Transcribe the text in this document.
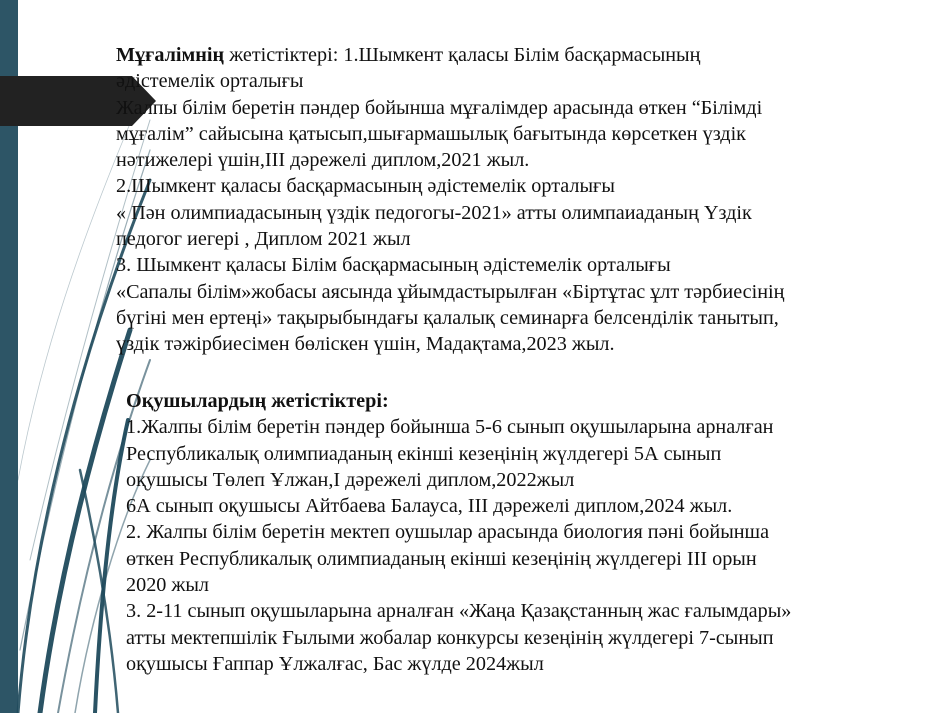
Мұғалімнің жетістіктері: 1.Шымкент қаласы Білім басқармасының
әдістемелік орталығы
Жалпы білім беретін пәндер бойынша мұғалімдер арасында өткен “Білімді
мұғалім” сайысына қатысып,шығармашылық бағытында көрсеткен үздік
нәтижелері үшін,III дәрежелі диплом,2021 жыл.
2.Шымкент қаласы басқармасының әдістемелік орталығы
« Пән олимпиадасының үздік педогогы-2021» атты олимпаиаданың Үздік
педогог иегері , Диплом 2021 жыл
3. Шымкент қаласы Білім басқармасының әдістемелік орталығы
«Сапалы білім»жобасы аясында ұйымдастырылған «Біртұтас ұлт тәрбиесінің
бүгіні мен ертеңі» тақырыбындағы қалалық семинарға белсенділік танытып,
үздік тәжірбиесімен бөліскен үшін, Мадақтама,2023 жыл.
Оқушылардың жетістіктері:
1.Жалпы білім беретін пәндер бойынша 5-6 сынып оқушыларына арналған
Республикалық олимпиаданың екінші кезеңінің жүлдегері 5А сынып
оқушысы Төлеп Ұлжан,І дәрежелі диплом,2022жыл
6А сынып оқушысы Айтбаева Балауса, ІІІ дәрежелі диплом,2024 жыл.
2. Жалпы білім беретін мектеп оушылар арасында биология пәні бойынша
өткен Республикалық олимпиаданың екінші кезеңінің жүлдегері ІІІ орын
2020 жыл
3. 2-11 сынып оқушыларына арналған «Жаңа Қазақстанның жас ғалымдары»
атты мектепшілік Ғылыми жобалар конкурсы кезеңінің жүлдегері 7-сынып
оқушысы Ғаппар Ұлжалғас, Бас жүлде 2024жыл
